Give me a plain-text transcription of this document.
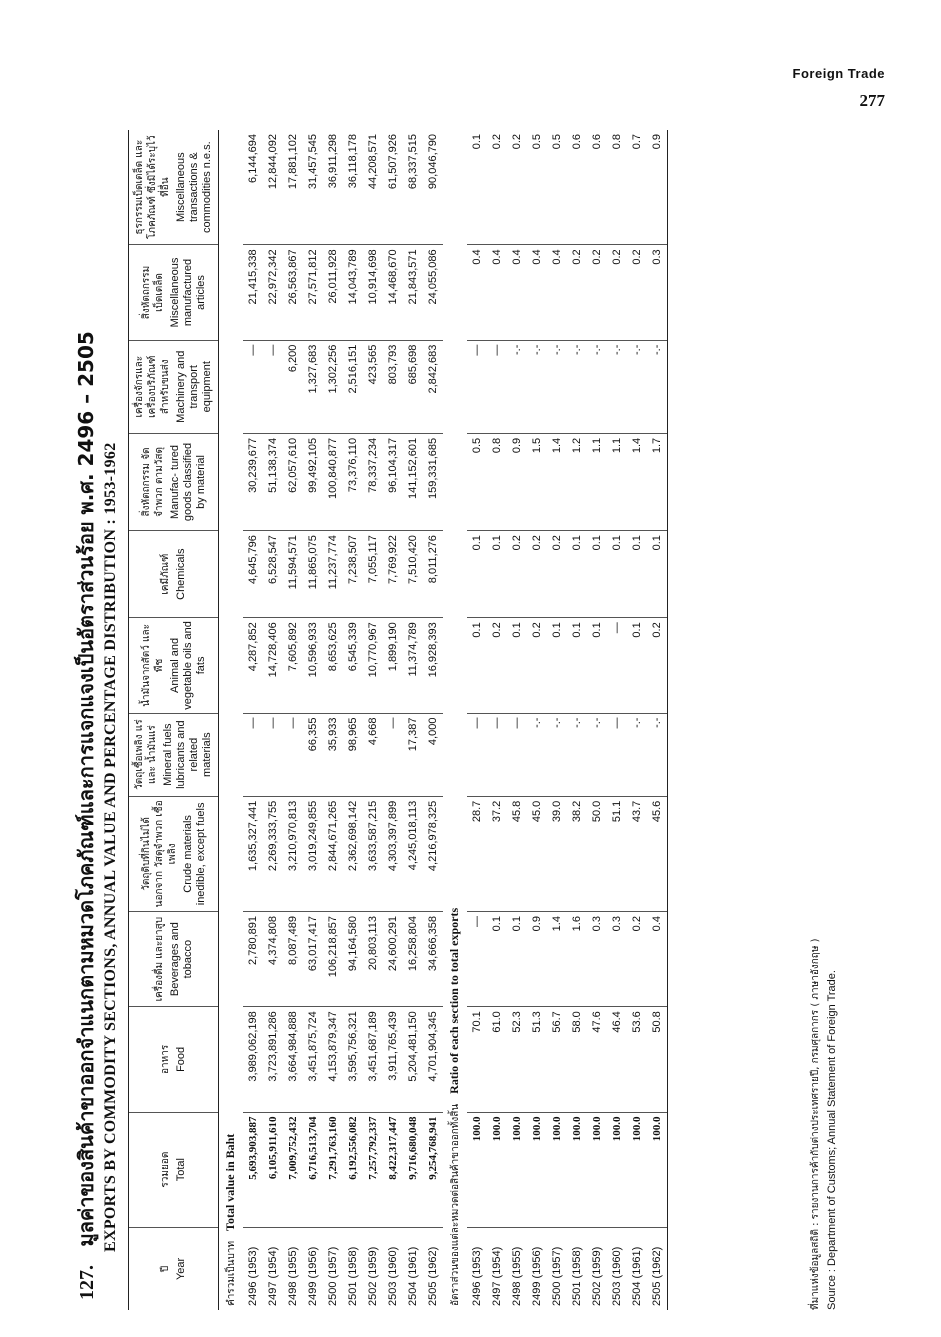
Foreign Trade
277
127. มูลค่าของสินค้าขาออกจำแนกตามหมวดโภคภัณฑ์และการแจกแจงเป็นอัตราส่วนร้อย พ.ศ. 2496 – 2505 EXPORTS BY COMMODITY SECTIONS, ANNUAL VALUE AND PERCENTAGE DISTRIBUTION : 1953-1962
ปี Year	รวมยอด Total	อาหาร Food	เครื่องดื่ม และยาสูบ Beverages and tobacco	วัตถุดิบที่กินไม่ได้ นอกจาก วัสดุจำพวก เชื้อเพลิง Crude materials inedible, except fuels	วัตถุเชื้อเพลิง แร่ และ น้ำมันแร่ Mineral fuels lubricants and related materials	น้ำมันจากสัตว์ และพืช Animal and vegetable oils and fats	เคมีภัณฑ์ Chemicals	สิ่งหัตถกรรม จัดจำพวก ตามวัสดุ Manufac- tured goods classified by material	เครื่องจักรและ เครื่องบริภัณฑ์ สำหรับขนส่ง Machinery and transport equipment	สิ่งหัตถกรรม เบ็ดเตล็ด Miscellaneous manufactured articles	ธุรกรรมเบ็ดเตล็ด และโภคภัณฑ์ ซึ่งมิได้ระบุไว้ ที่อื่น Miscellaneous transactions & commodities n.e.s.
คำรวมเป็นบาทTotal value in Baht											
2496 (1953)	5,693,903,887	3,989,062,198	2,780,891	1,635,327,441	—	4,287,852	4,645,796	30,239,677	—	21,415,338	6,144,694
2497 (1954)	6,105,911,610	3,723,891,286	4,374,808	2,269,333,755	—	14,728,406	6,528,547	51,138,374	—	22,972,342	12,844,092
2498 (1955)	7,009,752,432	3,664,984,888	8,087,489	3,210,970,813	—	7,605,892	11,594,571	62,057,610	6,200	26,563,867	17,881,102
2499 (1956)	6,716,513,704	3,451,875,724	63,017,417	3,019,249,855	66,355	10,596,933	11,865,075	99,492,105	1,327,683	27,571,812	31,457,545
2500 (1957)	7,291,763,160	4,153,879,347	106,218,857	2,844,671,265	35,933	8,653,625	11,237,774	100,840,877	1,302,256	26,011,928	36,911,298
2501 (1958)	6,192,556,082	3,595,756,321	94,164,580	2,362,698,142	98,965	6,545,339	7,238,507	73,376,110	2,516,151	14,043,789	36,118,178
2502 (1959)	7,257,792,337	3,451,687,189	20,803,113	3,633,587,215	4,668	10,770,967	7,055,117	78,337,234	423,565	10,914,698	44,208,571
2503 (1960)	8,422,317,447	3,911,765,439	24,600,291	4,303,397,899	—	1,899,190	7,769,922	96,104,317	803,793	14,468,670	61,507,926
2504 (1961)	9,716,680,048	5,204,481,150	16,258,804	4,245,018,113	17,387	11,374,789	7,510,420	141,152,601	685,698	21,843,571	68,337,515
2505 (1962)	9,254,768,941	4,701,904,345	34,666,358	4,216,978,325	4,000	16,928,393	8,011,276	159,331,685	2,842,683	24,055,086	90,046,790
อัตราส่วนของแต่ละหมวดต่อสินค้าขาออกทั้งสิ้นRatio of each section to total exports											
2496 (1953)	100.0	70.1	—	28.7	—	0.1	0.1	0.5	—	0.4	0.1
2497 (1954)	100.0	61.0	0.1	37.2	—	0.2	0.1	0.8	—	0.4	0.2
2498 (1955)	100.0	52.3	0.1	45.8	—	0.1	0.2	0.9	-.-	0.4	0.2
2499 (1956)	100.0	51.3	0.9	45.0	-.-	0.2	0.2	1.5	-.-	0.4	0.5
2500 (1957)	100.0	56.7	1.4	39.0	-.-	0.1	0.2	1.4	-.-	0.4	0.5
2501 (1958)	100.0	58.0	1.6	38.2	-.-	0.1	0.1	1.2	-.-	0.2	0.6
2502 (1959)	100.0	47.6	0.3	50.0	-.-	0.1	0.1	1.1	-.-	0.2	0.6
2503 (1960)	100.0	46.4	0.3	51.1	—	—	0.1	1.1	-.-	0.2	0.8
2504 (1961)	100.0	53.6	0.2	43.7	-.-	0.1	0.1	1.4	-.-	0.2	0.7
2505 (1962)	100.0	50.8	0.4	45.6	-.-	0.2	0.1	1.7	-.-	0.3	0.9
ที่มาแห่งข้อมูลสถิติ : รายงานการค้ากับต่างประเทศรายปี, กรมศุลกากร ( ภาษาอังกฤษ ) Source : Department of Customs; Annual Statement of Foreign Trade.
